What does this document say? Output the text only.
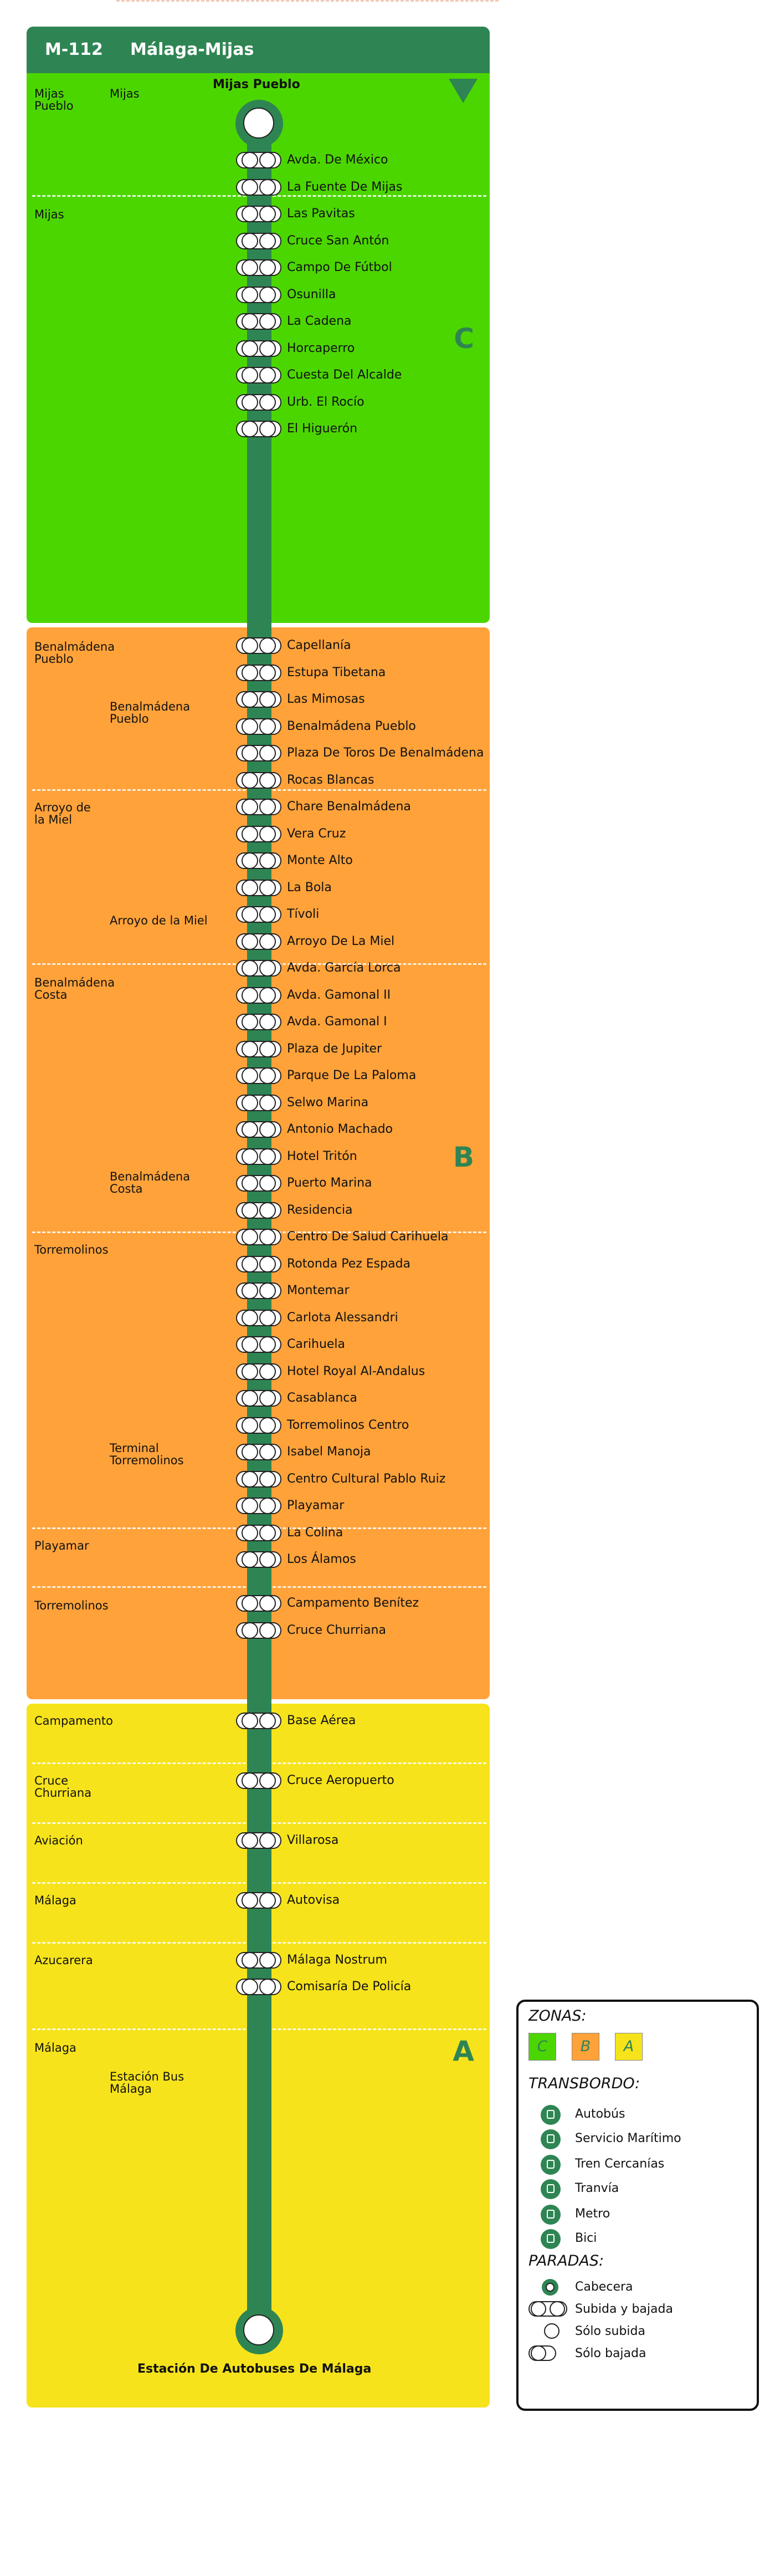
M-112 Málaga-Mijas
C
B
A
Mijas Pueblo
Mijas
Benalmádena Pueblo
Arroyo de la Miel
Benalmádena Costa
Torremolinos
Playamar
Torremolinos
Campamento
Cruce Churriana
Aviación
Málaga
Azucarera
Málaga
Mijas
Benalmádena Pueblo
Arroyo de la Miel
Benalmádena Costa
Terminal Torremolinos
Estación Bus Málaga
Mijas Pueblo
Estación De Autobuses De Málaga
Avda. De México
La Fuente De Mijas
Las Pavitas
Cruce San Antón
Campo De Fútbol
Osunilla
La Cadena
Horcaperro
Cuesta Del Alcalde
Urb. El Rocío
El Higuerón
Capellanía
Estupa Tibetana
Las Mimosas
Benalmádena Pueblo
Plaza De Toros De Benalmádena
Rocas Blancas
Chare Benalmádena
Vera Cruz
Monte Alto
La Bola
Tívoli
Arroyo De La Miel
Avda. García Lorca
Avda. Gamonal II
Avda. Gamonal I
Plaza de Jupiter
Parque De La Paloma
Selwo Marina
Antonio Machado
Hotel Tritón
Puerto Marina
Residencia
Centro De Salud Carihuela
Rotonda Pez Espada
Montemar
Carlota Alessandri
Carihuela
Hotel Royal Al-Andalus
Casablanca
Torremolinos Centro
Isabel Manoja
Centro Cultural Pablo Ruiz
Playamar
La Colina
Los Álamos
Campamento Benítez
Cruce Churriana
Base Aérea
Cruce Aeropuerto
Villarosa
Autovisa
Málaga Nostrum
Comisaría De Policía
ZONAS:
C	B	A
TRANSBORDO:
Autobús
Servicio Marítimo
Tren Cercanías
Tranvía
Metro
Bici
PARADAS:
Cabecera
Subida y bajada
Sólo subida
Sólo bajada
